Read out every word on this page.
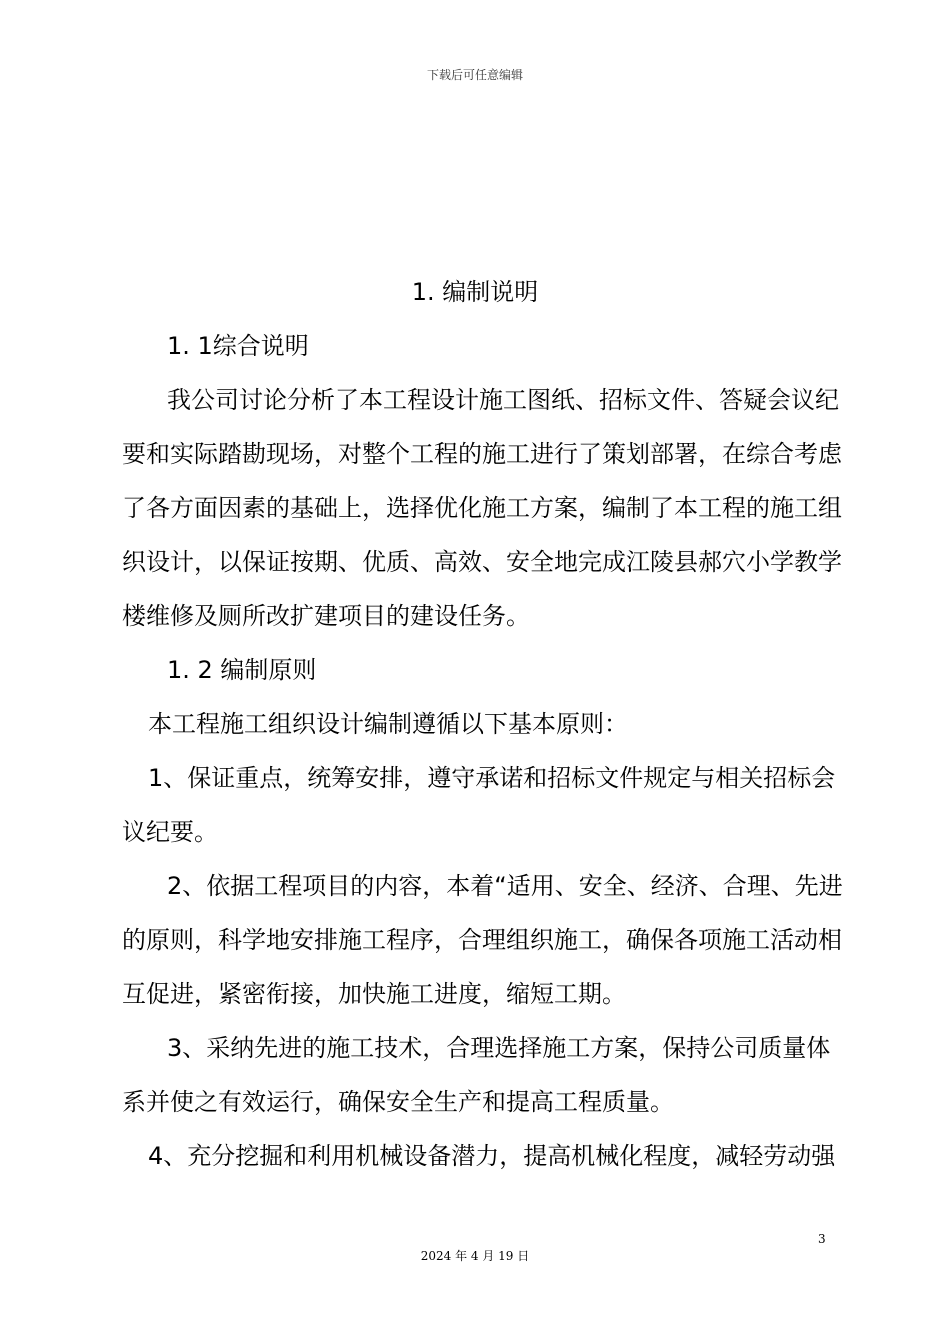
下载后可任意编辑
1. 编制说明
1. 1综合说明
我公司讨论分析了本工程设计施工图纸、招标文件、答疑会议纪
要和实际踏勘现场，对整个工程的施工进行了策划部署，在综合考虑
了各方面因素的基础上，选择优化施工方案，编制了本工程的施工组
织设计，以保证按期、优质、高效、安全地完成江陵县郝穴小学教学
楼维修及厕所改扩建项目的建设任务。
1. 2 编制原则
本工程施工组织设计编制遵循以下基本原则：
1、保证重点，统筹安排，遵守承诺和招标文件规定与相关招标会
议纪要。
2、依据工程项目的内容，本着“适用、安全、经济、合理、先进
的原则，科学地安排施工程序，合理组织施工，确保各项施工活动相
互促进，紧密衔接，加快施工进度，缩短工期。
3、采纳先进的施工技术，合理选择施工方案，保持公司质量体
系并使之有效运行，确保安全生产和提高工程质量。
4、充分挖掘和利用机械设备潜力，提高机械化程度，减轻劳动强
3
2024 年 4 月 19 日
